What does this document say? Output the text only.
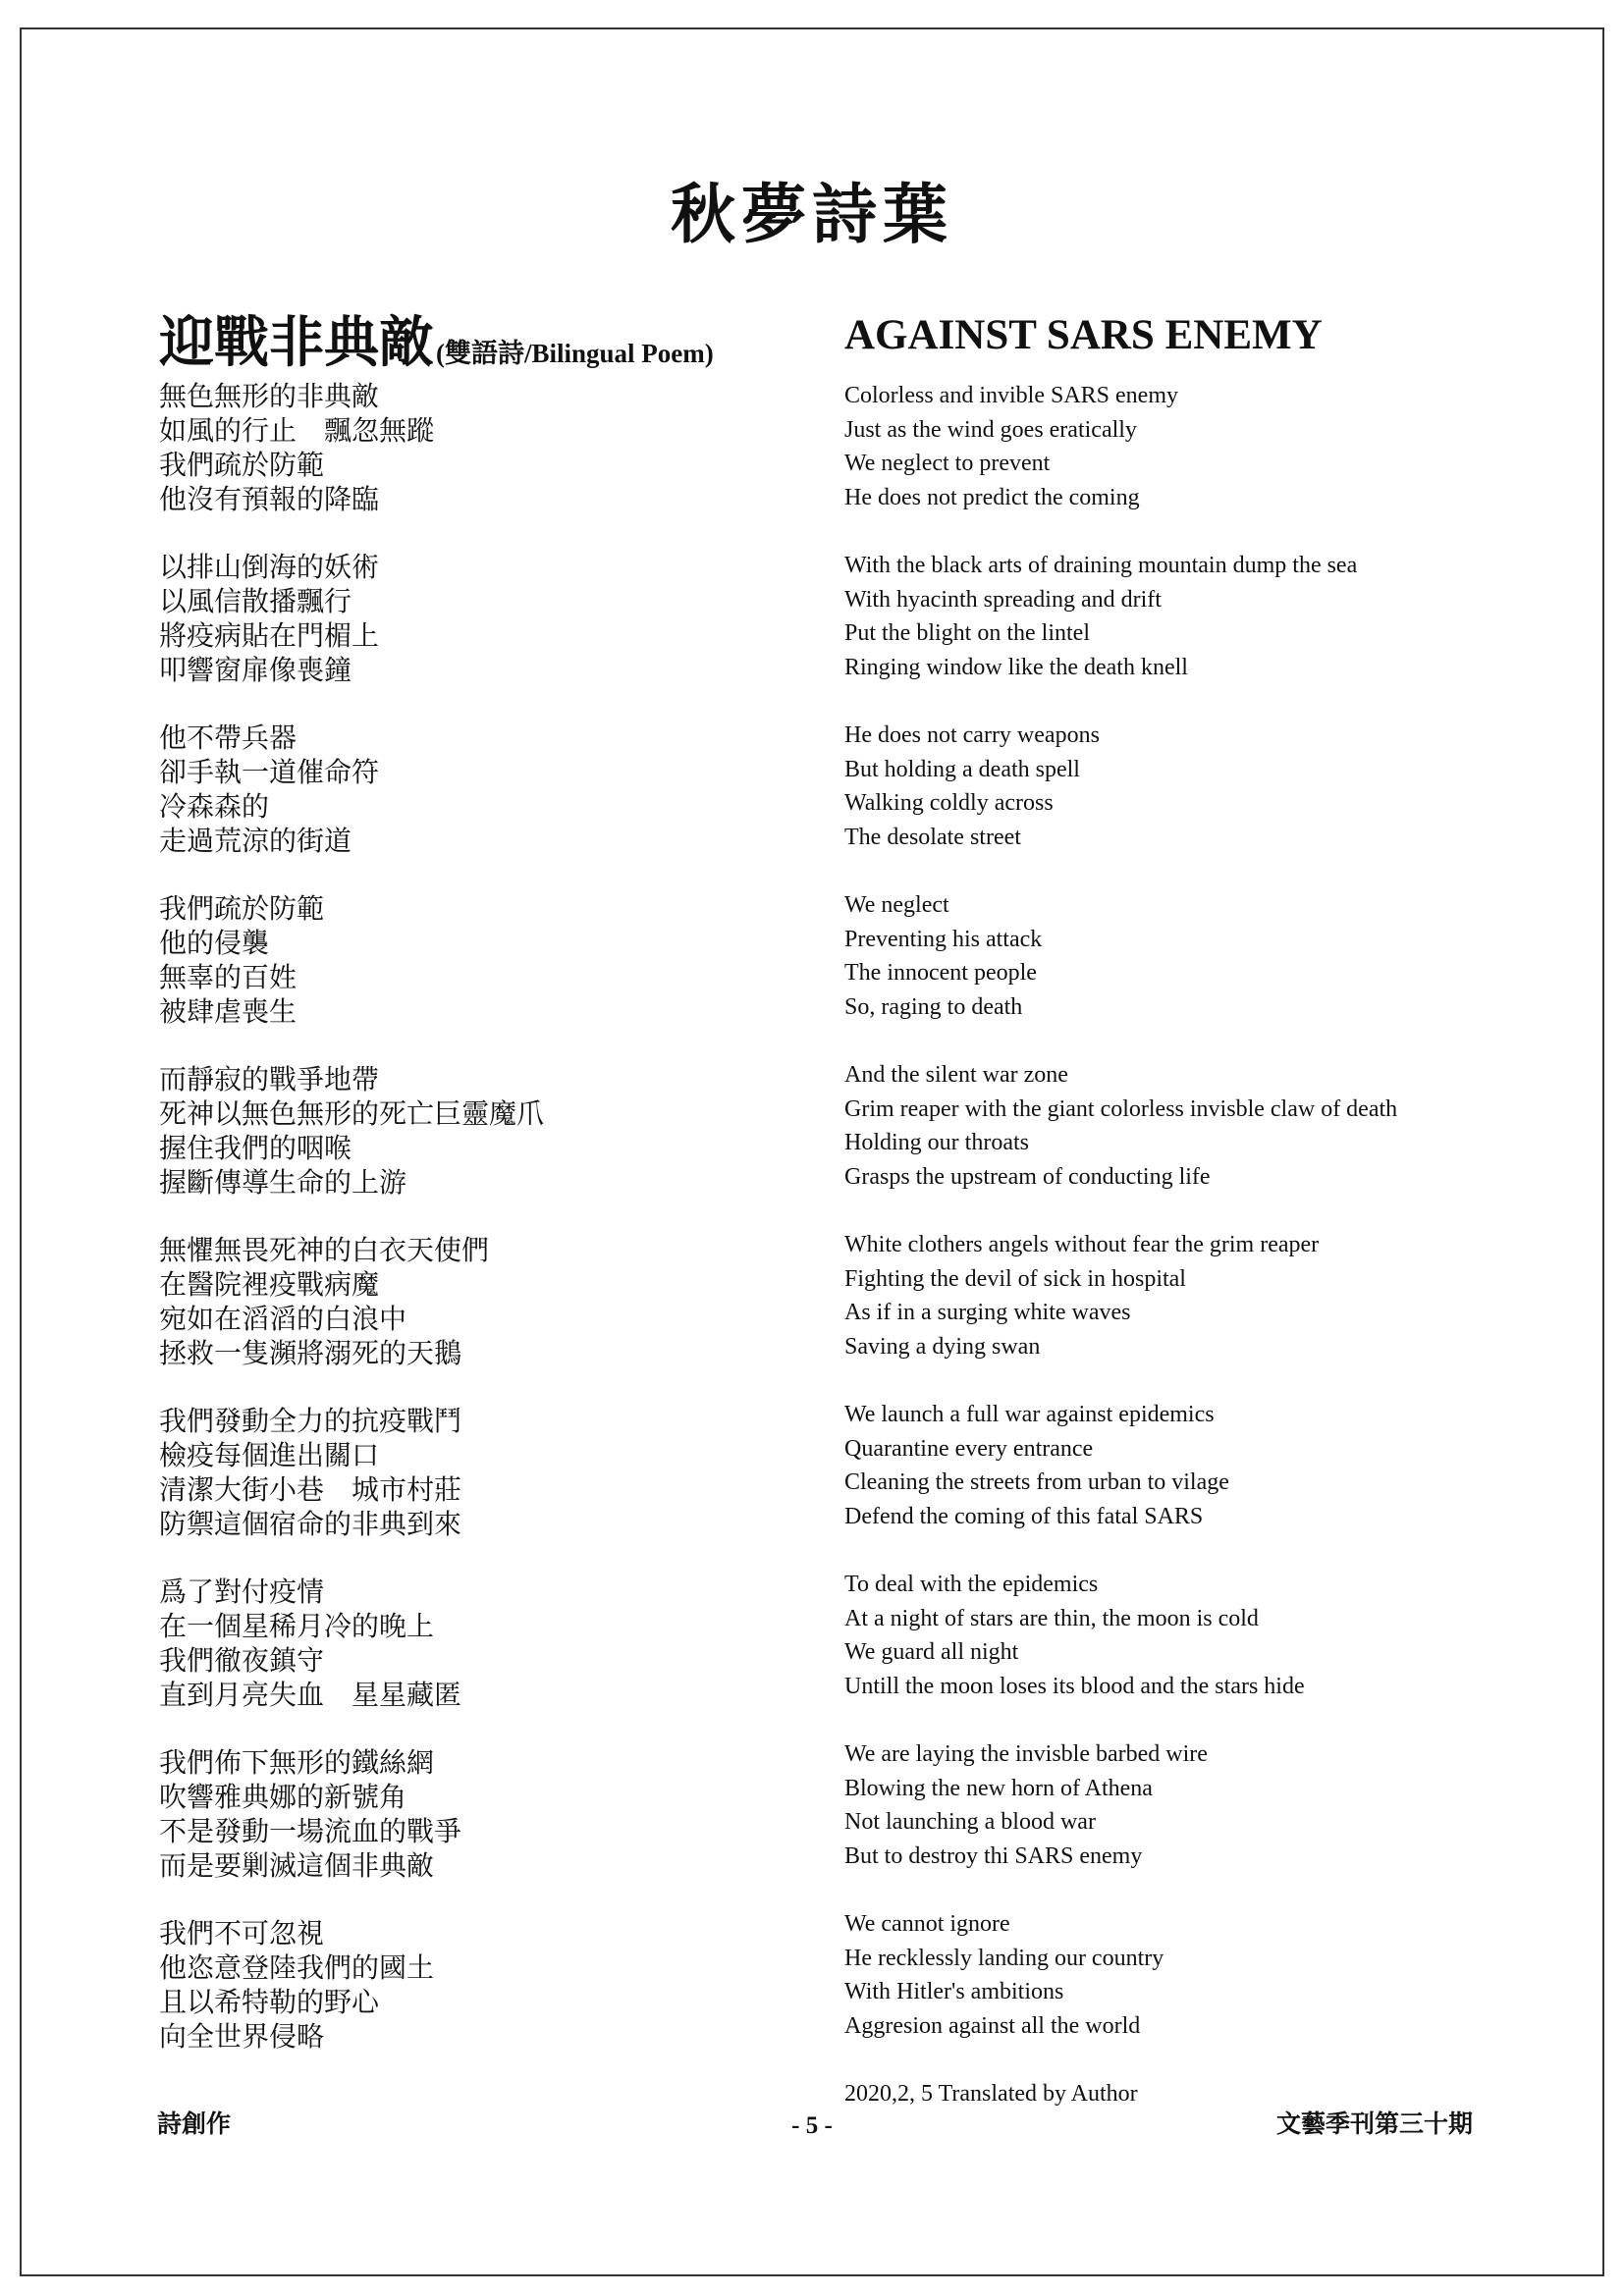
秋夢詩葉
迎戰非典敵(雙語詩/Bilingual Poem)
無色無形的非典敵
如風的行止　飄忽無蹤
我們疏於防範
他沒有預報的降臨
以排山倒海的妖術
以風信散播飄行
將疫病貼在門楣上
叩響窗扉像喪鐘
他不帶兵器
卻手執一道催命符
冷森森的
走過荒涼的街道
我們疏於防範
他的侵襲
無辜的百姓
被肆虐喪生
而靜寂的戰爭地帶
死神以無色無形的死亡巨靈魔爪
握住我們的咽喉
握斷傳導生命的上游
無懼無畏死神的白衣天使們
在醫院裡疫戰病魔
宛如在滔滔的白浪中
拯救一隻瀕將溺死的天鵝
我們發動全力的抗疫戰鬥
檢疫每個進出關口
清潔大街小巷　城市村莊
防禦這個宿命的非典到來
爲了對付疫情
在一個星稀月冷的晚上
我們徹夜鎮守
直到月亮失血　星星藏匿
我們佈下無形的鐵絲網
吹響雅典娜的新號角
不是發動一場流血的戰爭
而是要剿滅這個非典敵
我們不可忽視
他恣意登陸我們的國土
且以希特勒的野心
向全世界侵略
AGAINST SARS ENEMY
Colorless and invible SARS enemy
Just as the wind goes eratically
We neglect to prevent
He does not predict the coming
With the black arts of draining mountain dump the sea
With hyacinth spreading and drift
Put the blight on the lintel
Ringing window like the death knell
He does not carry weapons
But holding a death spell
Walking coldly across
The desolate street
We neglect
Preventing his attack
The innocent people
So, raging to death
And the silent war zone
Grim reaper with the giant colorless invisble claw of death
Holding our throats
Grasps the upstream of conducting life
White clothers angels without fear the grim reaper
Fighting the devil of sick in hospital
As if in a surging white waves
Saving a dying swan
We launch a full war against epidemics
Quarantine every entrance
Cleaning the streets from urban to vilage
Defend the coming of this fatal SARS
To deal with the epidemics
At a night of stars are thin, the moon is cold
We guard all night
Untill the moon loses its blood and the stars hide
We are laying the invisble barbed wire
Blowing the new horn of Athena
Not launching a blood war
But to destroy thi SARS enemy
We cannot ignore
He recklessly landing our country
With Hitler's ambitions
Aggresion against all the world
2020,2, 5 Translated by Author
詩創作	- 5 -	文藝季刊第三十期
